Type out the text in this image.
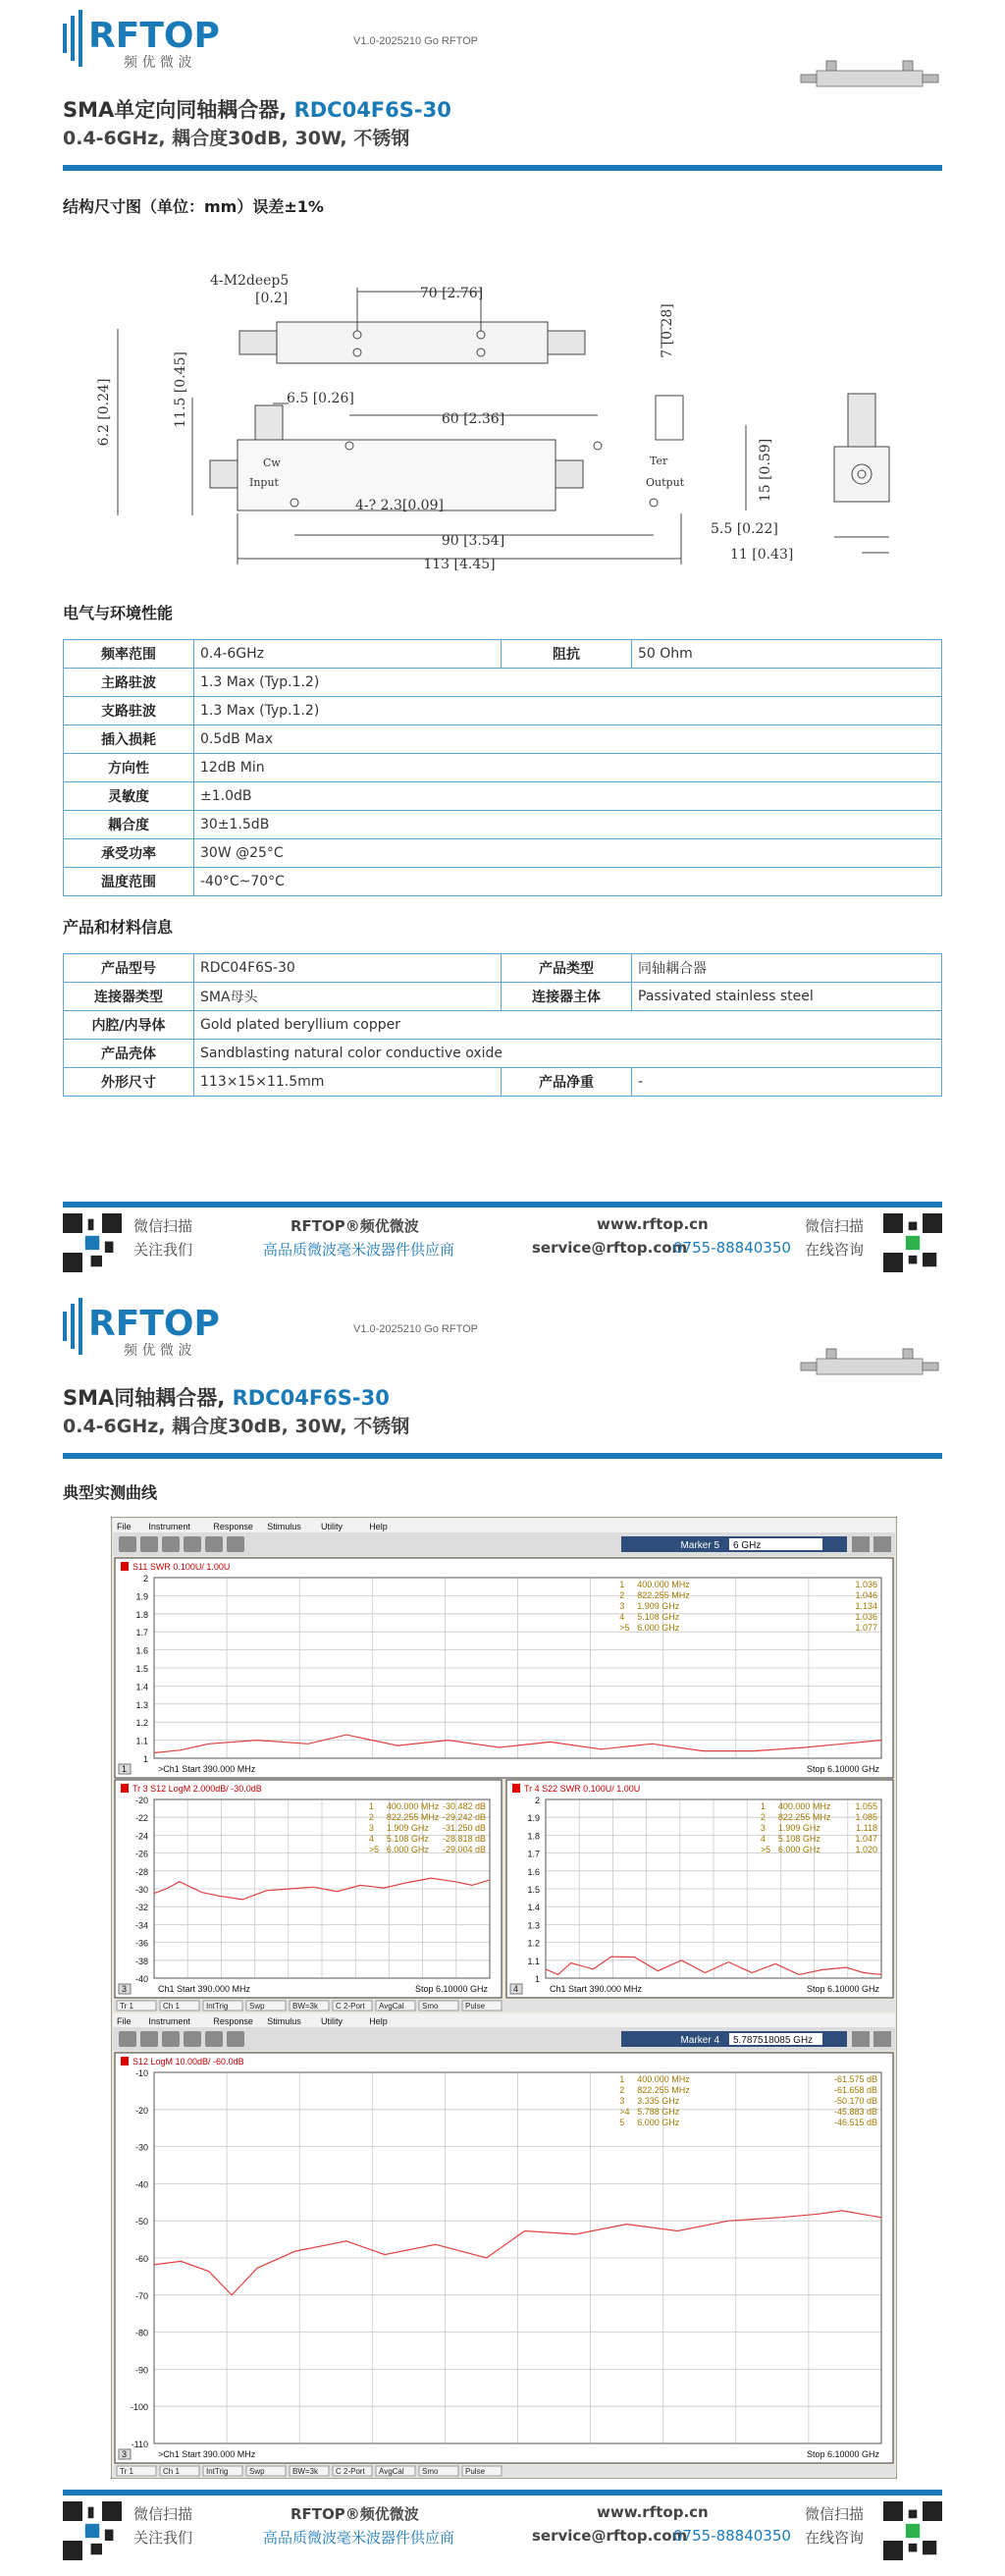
RFTOP
频 优 微 波
V1.0-2025210 Go RFTOP
SMA单定向同轴耦合器, RDC04F6S-30
0.4-6GHz, 耦合度30dB, 30W, 不锈钢
结构尺寸图（单位：mm）误差±1%
4-M2deep5
[0.2]	70 [2.76]
7 [0.28]
6.2 [0.24]	11.5 [0.45]	6.5 [0.26]
60 [2.36]
15 [0.59]
4-? 2.3[0.09]
90 [3.54]
113 [4.45]
5.5 [0.22]
11 [0.43]
Cw	Ter
Input	Output
电气与环境性能
频率范围	0.4-6GHz	阻抗	50 Ohm
主路驻波	1.3 Max (Typ.1.2)		
支路驻波	1.3 Max (Typ.1.2)		
插入损耗	0.5dB Max		
方向性	12dB Min		
灵敏度	±1.0dB		
耦合度	30±1.5dB		
承受功率	30W @25°C		
温度范围	-40°C~70°C		
产品和材料信息
产品型号	RDC04F6S-30	产品类型	同轴耦合器
连接器类型	SMA母头	连接器主体	Passivated stainless steel
内腔/内导体	Gold plated beryllium copper		
产品壳体	Sandblasting natural color conductive oxide		
外形尺寸	113×15×11.5mm	产品净重	-
微信扫描
关注我们
RFTOP®频优微波
高品质微波毫米波器件供应商
www.rftop.cn
service@rftop.com
0755-88840350
微信扫描
在线咨询
RFTOP
频 优 微 波
V1.0-2025210 Go RFTOP
SMA同轴耦合器, RDC04F6S-30
0.4-6GHz, 耦合度30dB, 30W, 不锈钢
典型实测曲线
微信扫描
关注我们
RFTOP®频优微波
高品质微波毫米波器件供应商
www.rftop.cn
service@rftop.com
0755-88840350
微信扫描
在线咨询
File Instrument	Response Stimulus Utility	Help
Marker 5 6 GHz
2
1.9
1.8
1.7
1.6
1.5
1.4
1.3
1.2
1.1
1
S11 SWR 0.100U/ 1.00U
1 400.000 MHz	1.036
2 822.255 MHz	1.046
3 1.909 GHz	1.134
4 5.108 GHz	1.036
>5 6.000 GHz	1.077
1	>Ch1 Start 390.000 MHz	Stop 6.10000 GHz
-20
-22
-24
-26
-28
-30
-32
-34
-36
-38
-40
Tr 3 S12 LogM 2.000dB/ -30.0dB
1 400.000 MHz -30.482 dB
2 822.255 MHz -29.242 dB
3 1.909 GHz -31.250 dB
4 5.108 GHz -28.818 dB
>5 6.000 GHz -29.004 dB
3	Ch1 Start 390.000 MHz	Stop 6.10000 GHz
2
1.9
1.8
1.7
1.6
1.5
1.4
1.3
1.2
1.1
1
Tr 4 S22 SWR 0.100U/ 1.00U
1 400.000 MHz	1.055
2 822.255 MHz	1.085
3 1.909 GHz	1.118
4 5.108 GHz	1.047
>5 6.000 GHz	1.020
4	Ch1 Start 390.000 MHz	Stop 6.10000 GHz
Tr 1	Ch 1	IntTrig	Swp	BW=3k C 2-Port AvgCal Smo	Pulse
File Instrument	Response Stimulus Utility	Help
Marker 4 5.787518085 GHz
-10
-20
-30
-40
-50
-60
-70
-80
-90
-100
-110
S12 LogM 10.00dB/ -60.0dB
1 400.000 MHz	-61.575 dB
2 822.255 MHz	-61.658 dB
3 3.335 GHz	-50.170 dB
>4 5.788 GHz	-45.883 dB
5 6.000 GHz	-46.515 dB
3	>Ch1 Start 390.000 MHz	Stop 6.10000 GHz
Tr 1	Ch 1	IntTrig	Swp	BW=3k C 2-Port AvgCal Smo	Pulse
